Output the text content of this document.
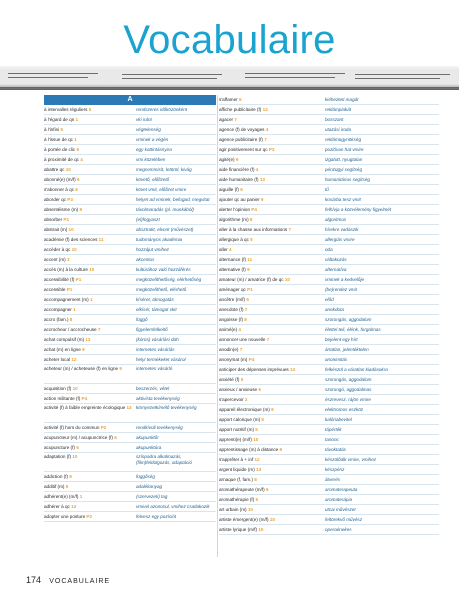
Vocabulaire
A
à intervalles réguliers 5	rendszeres időközönként
à l'égard de qn 1	vki iránt
à l'infini 5	végtelenség
à l'issue de qc 1	vminek a végén
à portée de clic 6	egy kattintásnyira
à proximité de qc 4	vmi közelében
abattre qc 10	megsemmisít, letöröl, kivág
abonné(e) (m/f) 6	követő, előfizető
s'abonner à qc 8	követ vmit, előfizet vmire
aborder qc P3	helyet ad vminek, befogad, megvitat
absentéisme (m) 9	távolmaradás (pl. munkából)
absorber P1	(el)fogyaszt
abstrait (m) 10	absztrakt, elvont (művészet)
académie (f) des sciences 11	tudományos akadémia
accéder à qc 10	hozzájut vmihez
accent (m) 3	akcentus
accès (m) à la culture 10	kultúrához való hozzáférés
accessibilité (f) P1	megközelíthetőség, elérhetőség
accessible P1	megközelíthető, elérhető
accompagnement (m) 1	kíséret, támogatás
accompagner 1	elkísér, támogat vkit
accro (fam.) 8	függő
accrocheur / accrocheuse 7	figyelemfelkeltő
achat compulsif (m) 13	(kóros) vásárlási düh
achat (m) en ligne 9	internetes vásárlás
acheter local 12	helyi termékeket vásárol
acheteur (m) / acheteuse (f) en ligne 9	internetes vásárló
acquisition (f) 10	beszerzés, vétel
action militante (f) P4	aktivista tevékenység
activité (f) à faible empreinte écologique 13 környezetkímélő tevékenység
activité (f) hors du commun P2	rendkívüli tevékenység
acupuncteur (m) / acupunctrice (f) 6	akupunktőr
acupuncture (f) 6	akupunktúra
adaptation (f) 10	színpadra alkalmazás, (film)feldolgozás, adaptáció
addiction (f) 8	függőség
additif (m) 5	adalékanyag
adhérent(e) (m/f) 1	(szervezeti) tag
adhérer à qc 13	vmivel azonosul, vmihez csatlakozik
adopter une posture P2	felvesz egy pozíciót
s'affamer 5	kiéhezteti magát
affiche publicitaire (f) 13	reklámplakát
agacer 7	bosszant
agence (f) de voyages 4	utazási iroda
agence publicitaire (f) 7	reklámügynökség
agir positivement sur qc P3	pozitívan hat vmire
agité(e) 9	izgatott, nyugtalan
aide financière (f) 4	pénzügyi segítség
aide humanitaire (f) 13	humanitárius segítség
aiguille (f) 6	tű
ajouter qc au panier 9	kosárba tesz vmit
alerter l'opinion P4	felhívja a közvélemény figyelmét
algorithme (m) 8	algoritmus
aller à la chasse aux informations 7	hírekre vadászik
allergique à qc 5	allergiás vmire
aller 4	oda
alternance (f) 11	váltakozás
alternative (f) 9	alternatíva
amateur (m) / amatrice (f) de qc 10	vminek a kedvelője
aménager qc P1	(be)rendez vmit
ancêtre (m/f) 6	előd
anecdote (f) 7	anekdota
angoisse (f) 8	szorongás, aggodalom
animé(e) 4	élettel teli, élénk, forgalmas
annoncer une nouvelle 7	bejelent egy hírt
anodin(e) 7	ártatlan, jelentéktelen
anonymat (m) P4	anonimitás
anticiper des dépenses imprévues 13	felkészül a váratlan kiadásokra
anxiété (f) 5	szorongás, aggodalom
anxieux / anxieuse 6	szorongó, aggodalmas
s'apercevoir 2	észrevesz, rájön vmire
appareil électronique (m) 9	elektromos eszköz
apport calorique (m) 5	kalóriabevitel
apport nutritif (m) 5	tápérték
apprenti(e) (m/f) 10	tanonc
apprentissage (m) à distance 9	távoktatás
s'apprêter à + inf 12	készülődik vmire, vmihez
argent liquide (m) 13	készpénz
arnaque (f, fam.) 8	átverés
aromathérapeute (m/f) 6	aromaterapeuta
aromathérapie (f) 6	aromaterápia
art urbain (m) 10	utcai művészet
artiste émergent(e) (m/f) 10	feltörekvő művész
artiste lyrique (m/f) 10	operaénekes
174 VOCABULAIRE
